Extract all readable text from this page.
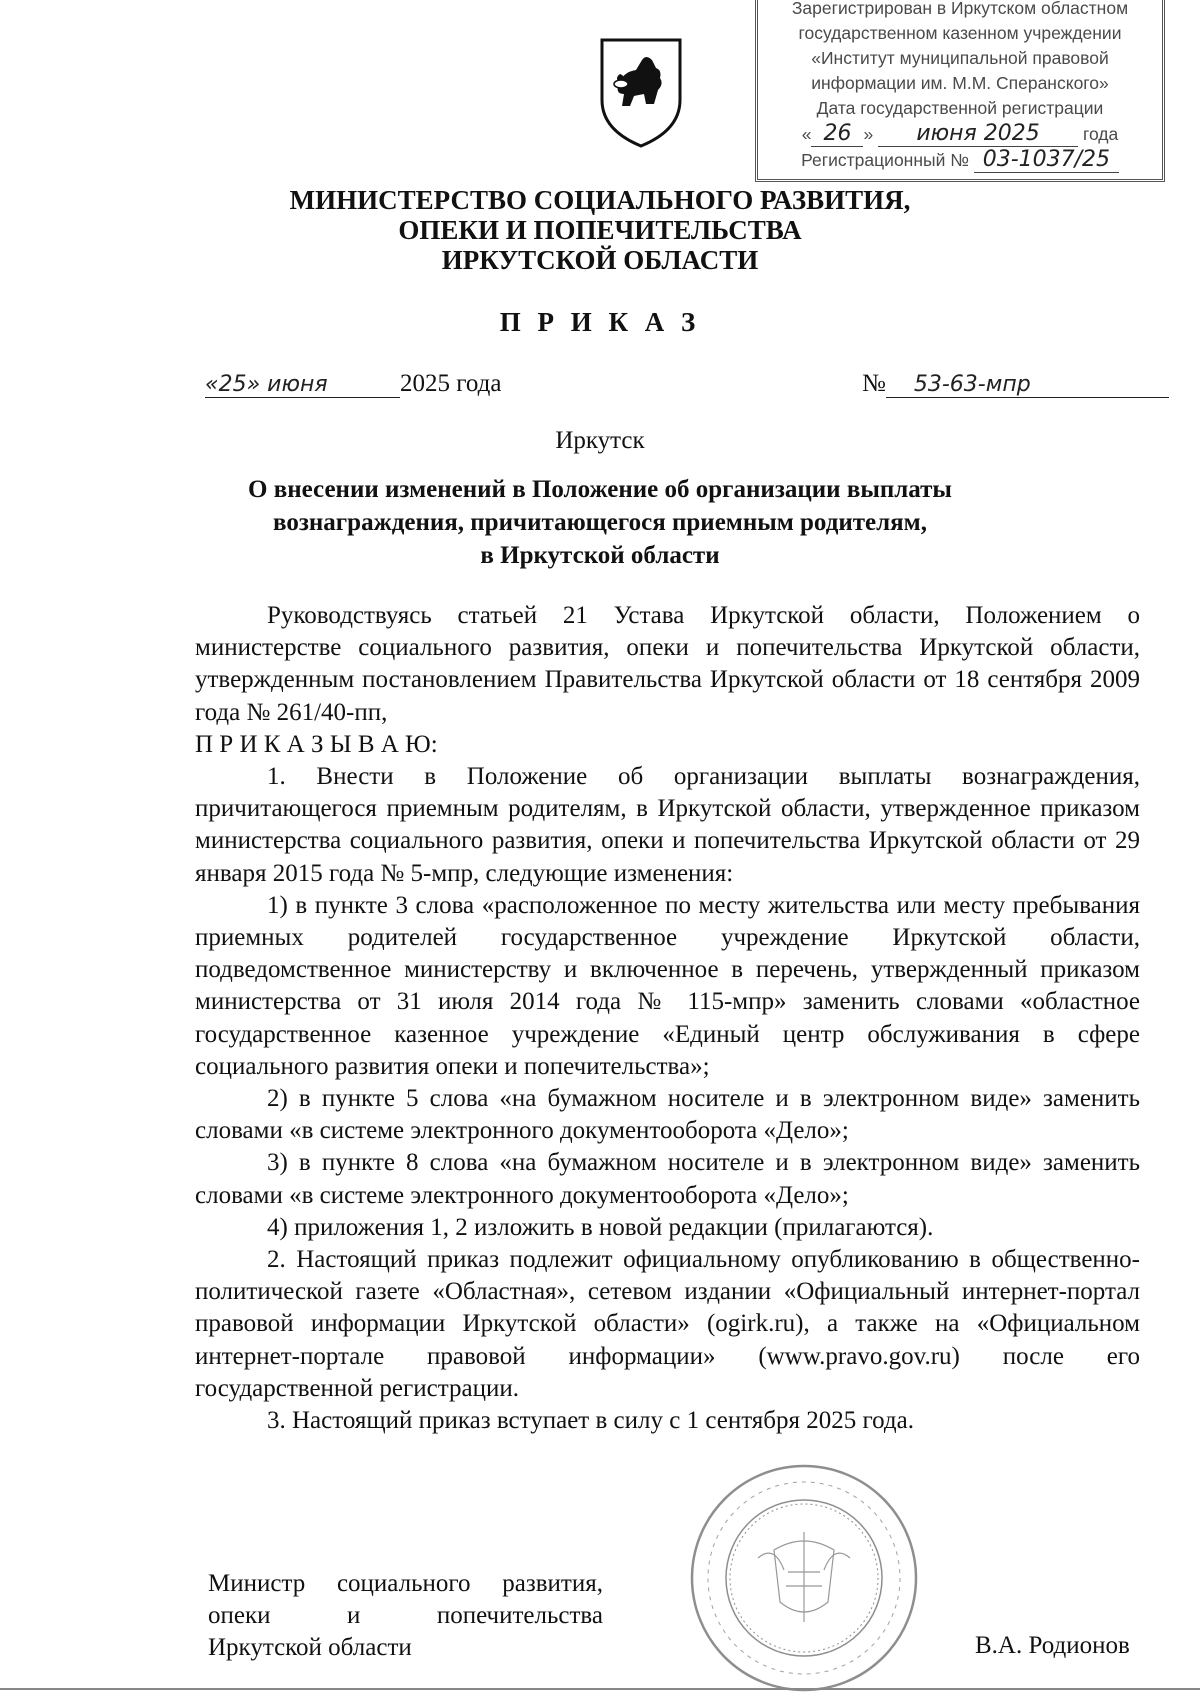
Зарегистрирован в Иркутском областном
государственном казенном учреждении
«Институт муниципальной правовой
информации им. М.М. Сперанского»
Дата государственной регистрации
« 26 » июня 2025 года
Регистрационный № 03-1037/25
МИНИСТЕРСТВО СОЦИАЛЬНОГО РАЗВИТИЯ,
ОПЕКИ И ПОПЕЧИТЕЛЬСТВА
ИРКУТСКОЙ ОБЛАСТИ
П Р И К А З
«25» июня	2025 года	№ 53-63-мпр
Иркутск
О внесении изменений в Положение об организации выплаты
вознаграждения, причитающегося приемным родителям,
в Иркутской области

Руководствуясь статьей 21 Устава Иркутской области, Положением о министерстве социального развития, опеки и попечительства Иркутской области, утвержденным постановлением Правительства Иркутской области от 18 сентября 2009 года № 261/40-пп,

П Р И К А З Ы В А Ю:

1. Внести в Положение об организации выплаты вознаграждения, причитающегося приемным родителям, в Иркутской области, утвержденное приказом министерства социального развития, опеки и попечительства Иркутской области от 29 января 2015 года № 5-мпр, следующие изменения:

1) в пункте 3 слова «расположенное по месту жительства или месту пребывания приемных родителей государственное учреждение Иркутской области, подведомственное министерству и включенное в перечень, утвержденный приказом министерства от 31 июля 2014 года № 115-мпр» заменить словами «областное государственное казенное учреждение «Единый центр обслуживания в сфере социального развития опеки и попечительства»;

2) в пункте 5 слова «на бумажном носителе и в электронном виде» заменить словами «в системе электронного документооборота «Дело»;

3) в пункте 8 слова «на бумажном носителе и в электронном виде» заменить словами «в системе электронного документооборота «Дело»;

4) приложения 1, 2 изложить в новой редакции (прилагаются).

2. Настоящий приказ подлежит официальному опубликованию в общественно-политической газете «Областная», сетевом издании «Официальный интернет-портал правовой информации Иркутской области» (ogirk.ru), а также на «Официальном интернет-портале правовой информации» (www.pravo.gov.ru) после его государственной регистрации.

3. Настоящий приказ вступает в силу с 1 сентября 2025 года.

Министр социального развития,
опеки и попечительства
Иркутской области	В.А. Родионов
